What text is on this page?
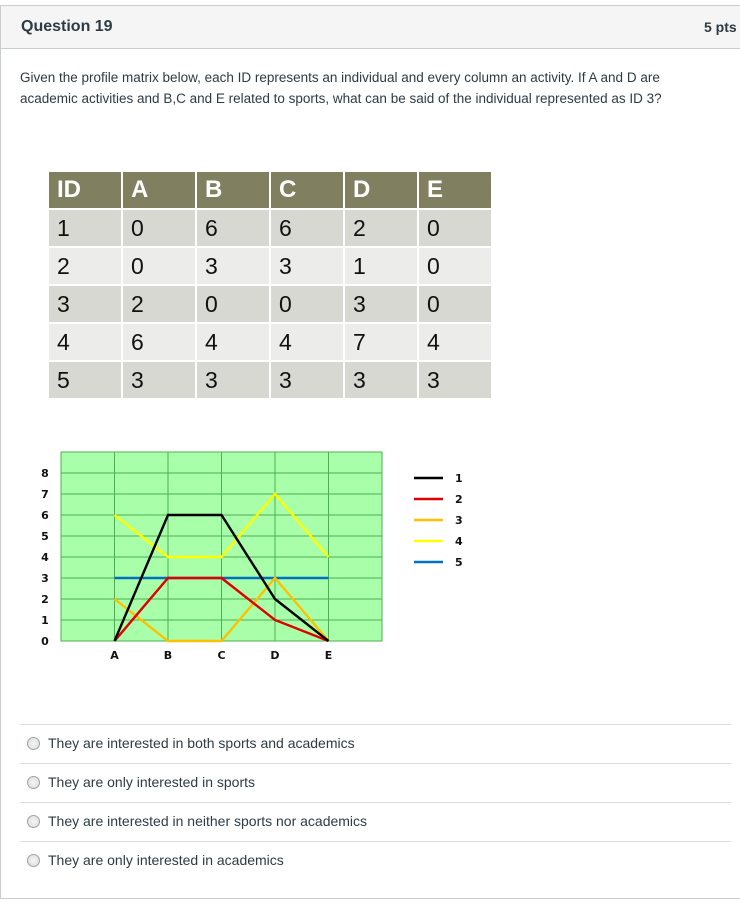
Question 19	5 pts
Given the profile matrix below, each ID represents an individual and every column an activity. If A and D are academic activities and B,C and E related to sports, what can be said of the individual represented as ID 3?
ID	A	B	C	D	E
1	0	6	6	2	0
2	0	3	3	1	0
3	2	0	0	3	0
4	6	4	4	7	4
5	3	3	3	3	3
0
1
2
3
4
5
6
7
8
A	B	C	D	E
1
2
3
4
5
They are interested in both sports and academics
They are only interested in sports
They are interested in neither sports nor academics
They are only interested in academics
